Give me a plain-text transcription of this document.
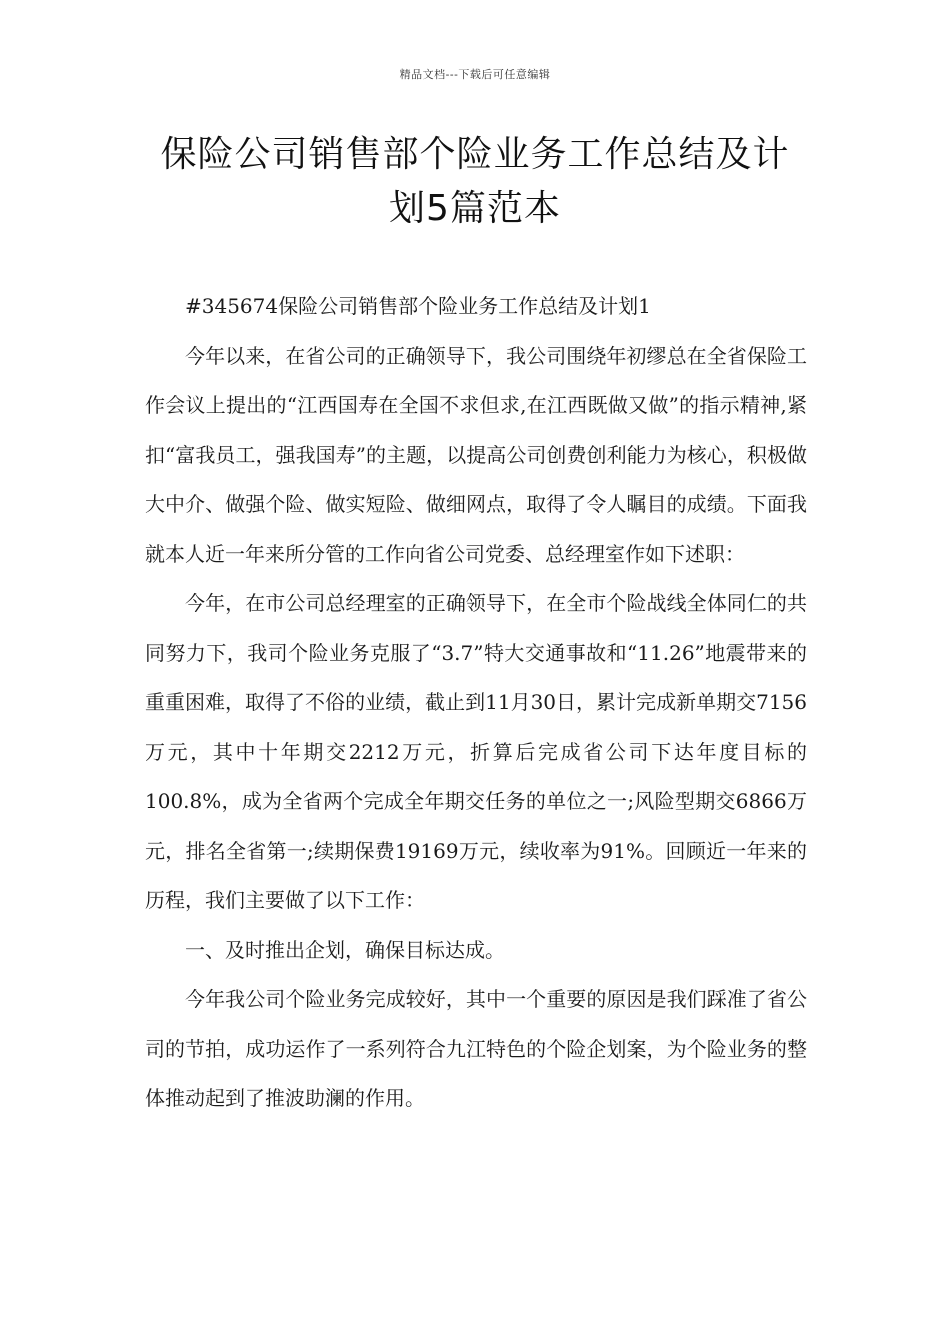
精品文档---下载后可任意编辑
保险公司销售部个险业务工作总结及计
划5篇范本

#345674保险公司销售部个险业务工作总结及计划1

今年以来，在省公司的正确领导下，我公司围绕年初缪总在全省保险工作会议上提出的“江西国寿在全国不求但求,在江西既做又做”的指示精神,紧扣“富我员工，强我国寿”的主题，以提高公司创费创利能力为核心，积极做大中介、做强个险、做实短险、做细网点，取得了令人瞩目的成绩。下面我就本人近一年来所分管的工作向省公司党委、总经理室作如下述职：

今年，在市公司总经理室的正确领导下，在全市个险战线全体同仁的共同努力下，我司个险业务克服了“3.7”特大交通事故和“11.26”地震带来的重重困难，取得了不俗的业绩，截止到11月30日，累计完成新单期交7156万元，其中十年期交2212万元，折算后完成省公司下达年度目标的100.8%，成为全省两个完成全年期交任务的单位之一;风险型期交6866万元，排名全省第一;续期保费19169万元，续收率为91%。回顾近一年来的历程，我们主要做了以下工作：

一、及时推出企划，确保目标达成。

今年我公司个险业务完成较好，其中一个重要的原因是我们踩准了省公司的节拍，成功运作了一系列符合九江特色的个险企划案，为个险业务的整体推动起到了推波助澜的作用。
